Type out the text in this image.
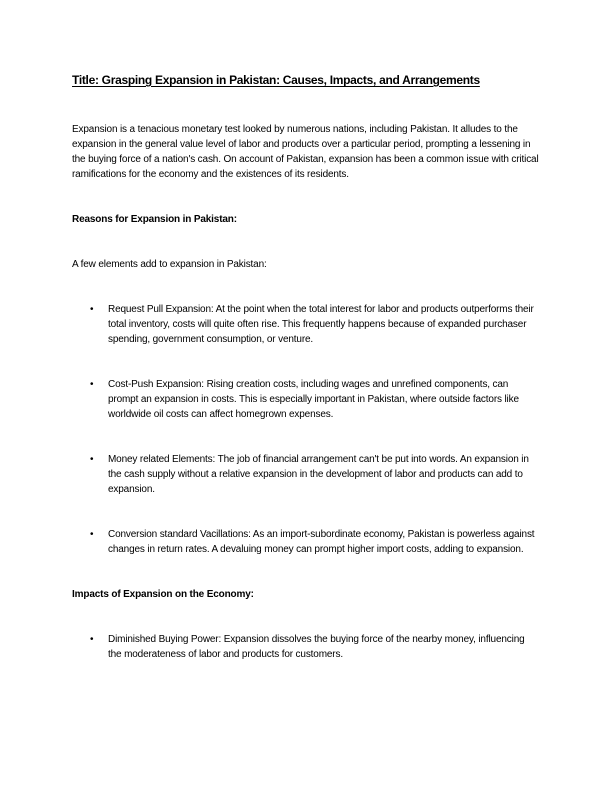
Title: Grasping Expansion in Pakistan: Causes, Impacts, and Arrangements

Expansion is a tenacious monetary test looked by numerous nations, including Pakistan. It alludes to the expansion in the general value level of labor and products over a particular period, prompting a lessening in the buying force of a nation's cash. On account of Pakistan, expansion has been a common issue with critical ramifications for the economy and the existences of its residents.

Reasons for Expansion in Pakistan:

A few elements add to expansion in Pakistan:

•	Request Pull Expansion: At the point when the total interest for labor and products outperforms their total inventory, costs will quite often rise. This frequently happens because of expanded purchaser spending, government consumption, or venture.
•	Cost-Push Expansion: Rising creation costs, including wages and unrefined components, can prompt an expansion in costs. This is especially important in Pakistan, where outside factors like worldwide oil costs can affect homegrown expenses.
•	Money related Elements: The job of financial arrangement can't be put into words. An expansion in the cash supply without a relative expansion in the development of labor and products can add to expansion.
•	Conversion standard Vacillations: As an import-subordinate economy, Pakistan is powerless against changes in return rates. A devaluing money can prompt higher import costs, adding to expansion.
Impacts of Expansion on the Economy:
•	Diminished Buying Power: Expansion dissolves the buying force of the nearby money, influencing the moderateness of labor and products for customers.
